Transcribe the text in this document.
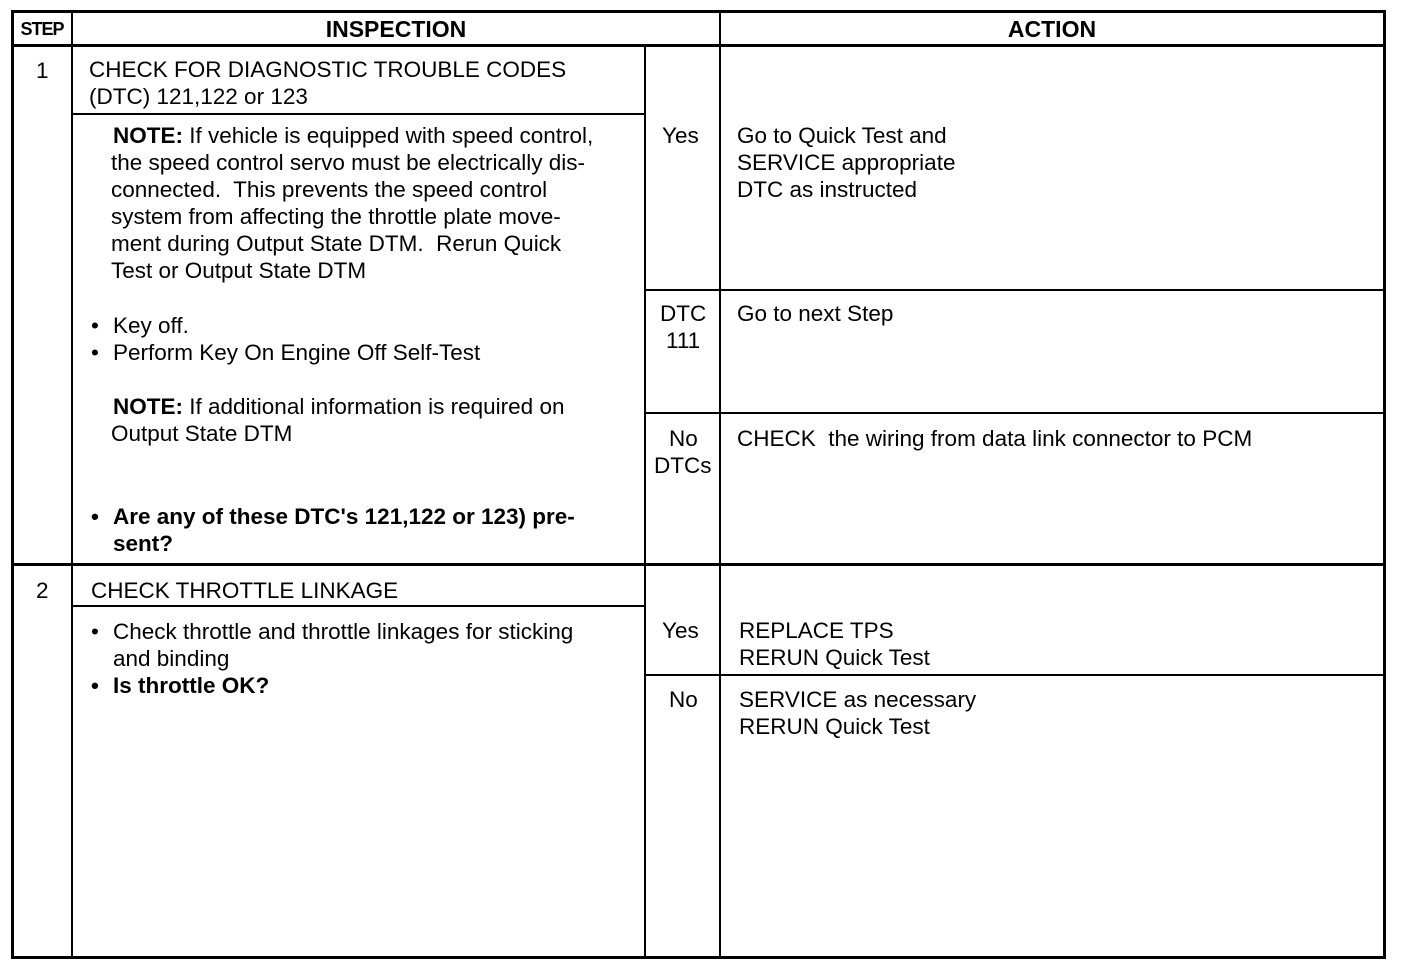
STEP	INSPECTION	ACTION
1 CHECK FOR DIAGNOSTIC TROUBLE CODES
(DTC) 121,122 or 123
NOTE: If vehicle is equipped with speed control,
the speed control servo must be electrically dis-
connected.  This prevents the speed control
system from affecting the throttle plate move-
ment during Output State DTM.  Rerun Quick
Test or Output State DTM
• Key off.
• Perform Key On Engine Off Self-Test
NOTE: If additional information is required on
Output State DTM
• Are any of these DTC's 121,122 or 123) pre-
sent?
Yes Go to Quick Test and
SERVICE appropriate
DTC as instructed
DTC
111
Go to next Step
No
DTCs
CHECK  the wiring from data link connector to PCM
2 CHECK THROTTLE LINKAGE
• Check throttle and throttle linkages for sticking
and binding
• Is throttle OK?
Yes REPLACE TPS
RERUN Quick Test
No SERVICE as necessary
RERUN Quick Test
